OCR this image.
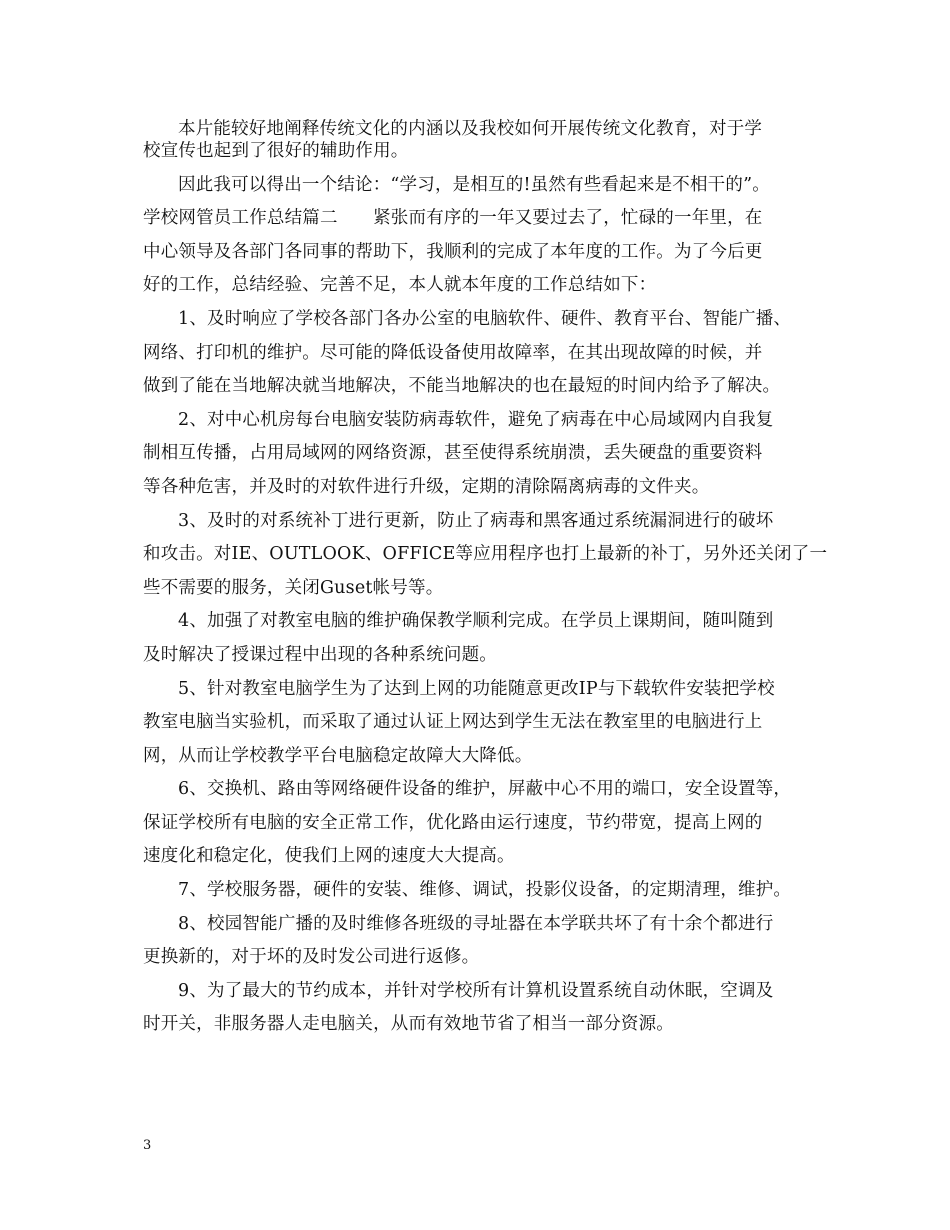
本片能较好地阐释传统文化的内涵以及我校如何开展传统文化教育，对于学

校宣传也起到了很好的辅助作用。

因此我可以得出一个结论：“学习，是相互的!虽然有些看起来是不相干的”。

学校网管员工作总结篇二　　紧张而有序的一年又要过去了，忙碌的一年里，在

中心领导及各部门各同事的帮助下，我顺利的完成了本年度的工作。为了今后更

好的工作，总结经验、完善不足，本人就本年度的工作总结如下：

1、及时响应了学校各部门各办公室的电脑软件、硬件、教育平台、智能广播、

网络、打印机的维护。尽可能的降低设备使用故障率，在其出现故障的时候，并

做到了能在当地解决就当地解决，不能当地解决的也在最短的时间内给予了解决。

2、对中心机房每台电脑安装防病毒软件，避免了病毒在中心局域网内自我复

制相互传播，占用局域网的网络资源，甚至使得系统崩溃，丢失硬盘的重要资料

等各种危害，并及时的对软件进行升级，定期的清除隔离病毒的文件夹。

3、及时的对系统补丁进行更新，防止了病毒和黑客通过系统漏洞进行的破坏

和攻击。对IE、OUTLOOK、OFFICE等应用程序也打上最新的补丁，另外还关闭了一

些不需要的服务，关闭Guset帐号等。

4、加强了对教室电脑的维护确保教学顺利完成。在学员上课期间，随叫随到

及时解决了授课过程中出现的各种系统问题。

5、针对教室电脑学生为了达到上网的功能随意更改IP与下载软件安装把学校

教室电脑当实验机，而采取了通过认证上网达到学生无法在教室里的电脑进行上

网，从而让学校教学平台电脑稳定故障大大降低。

6、交换机、路由等网络硬件设备的维护，屏蔽中心不用的端口，安全设置等，

保证学校所有电脑的安全正常工作，优化路由运行速度，节约带宽，提高上网的

速度化和稳定化，使我们上网的速度大大提高。

7、学校服务器，硬件的安装、维修、调试，投影仪设备，的定期清理，维护。

8、校园智能广播的及时维修各班级的寻址器在本学联共坏了有十余个都进行

更换新的，对于坏的及时发公司进行返修。

9、为了最大的节约成本，并针对学校所有计算机设置系统自动休眠，空调及

时开关，非服务器人走电脑关，从而有效地节省了相当一部分资源。

3
